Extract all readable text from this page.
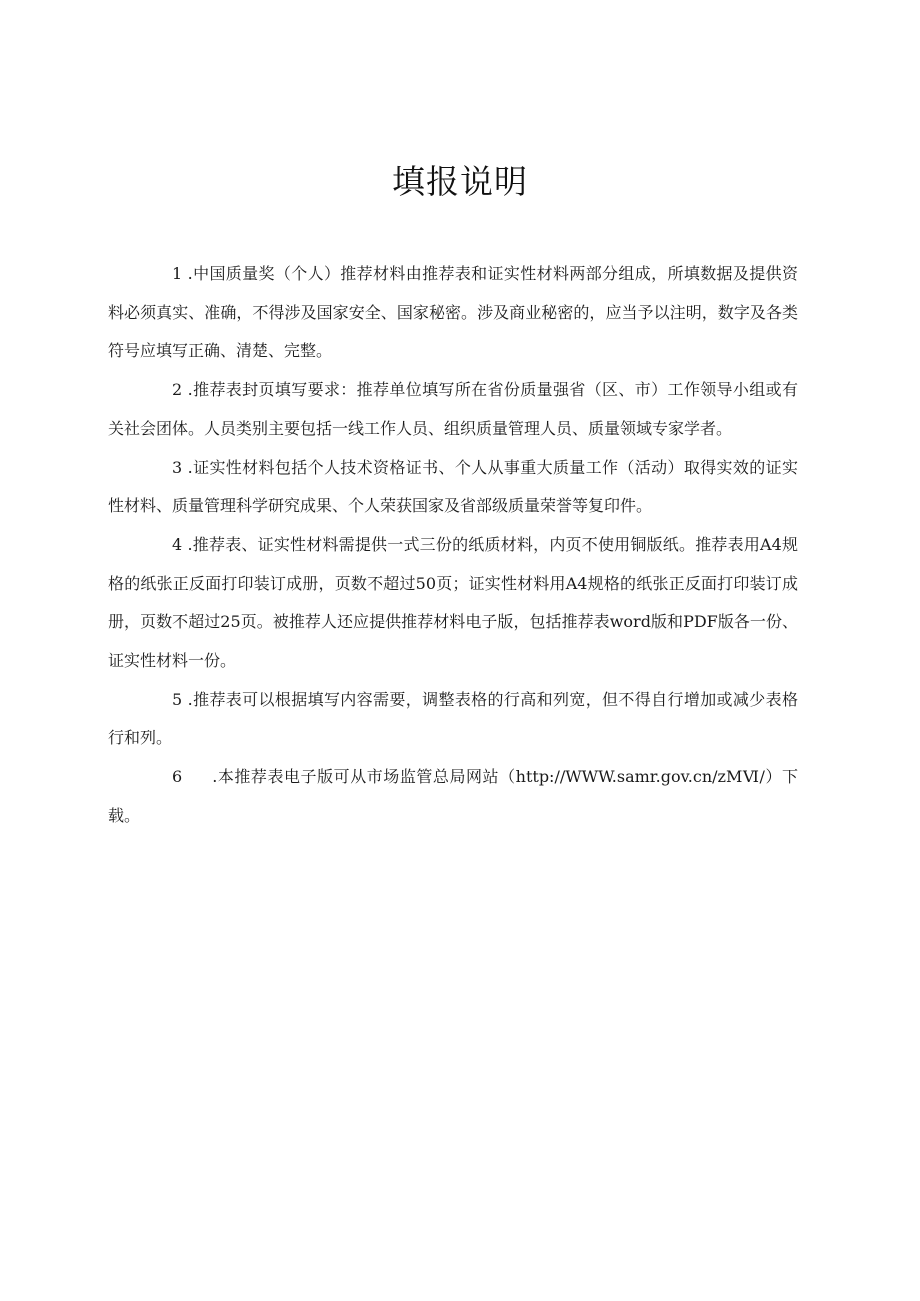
填报说明

1 .中国质量奖（个人）推荐材料由推荐表和证实性材料两部分组成，所填数据及提供资料必须真实、准确，不得涉及国家安全、国家秘密。涉及商业秘密的，应当予以注明，数字及各类符号应填写正确、清楚、完整。

2 .推荐表封页填写要求：推荐单位填写所在省份质量强省（区、市）工作领导小组或有关社会团体。人员类别主要包括一线工作人员、组织质量管理人员、质量领域专家学者。

3 .证实性材料包括个人技术资格证书、个人从事重大质量工作（活动）取得实效的证实性材料、质量管理科学研究成果、个人荣获国家及省部级质量荣誉等复印件。

4 .推荐表、证实性材料需提供一式三份的纸质材料，内页不使用铜版纸。推荐表用A4规格的纸张正反面打印装订成册，页数不超过50页；证实性材料用A4规格的纸张正反面打印装订成册，页数不超过25页。被推荐人还应提供推荐材料电子版，包括推荐表word版和PDF版各一份、证实性材料一份。

5 .推荐表可以根据填写内容需要，调整表格的行高和列宽，但不得自行增加或减少表格行和列。

6 .本推荐表电子版可从市场监管总局网站（http://WWW.samr.gov.cn/zMⅥ/）下载。
